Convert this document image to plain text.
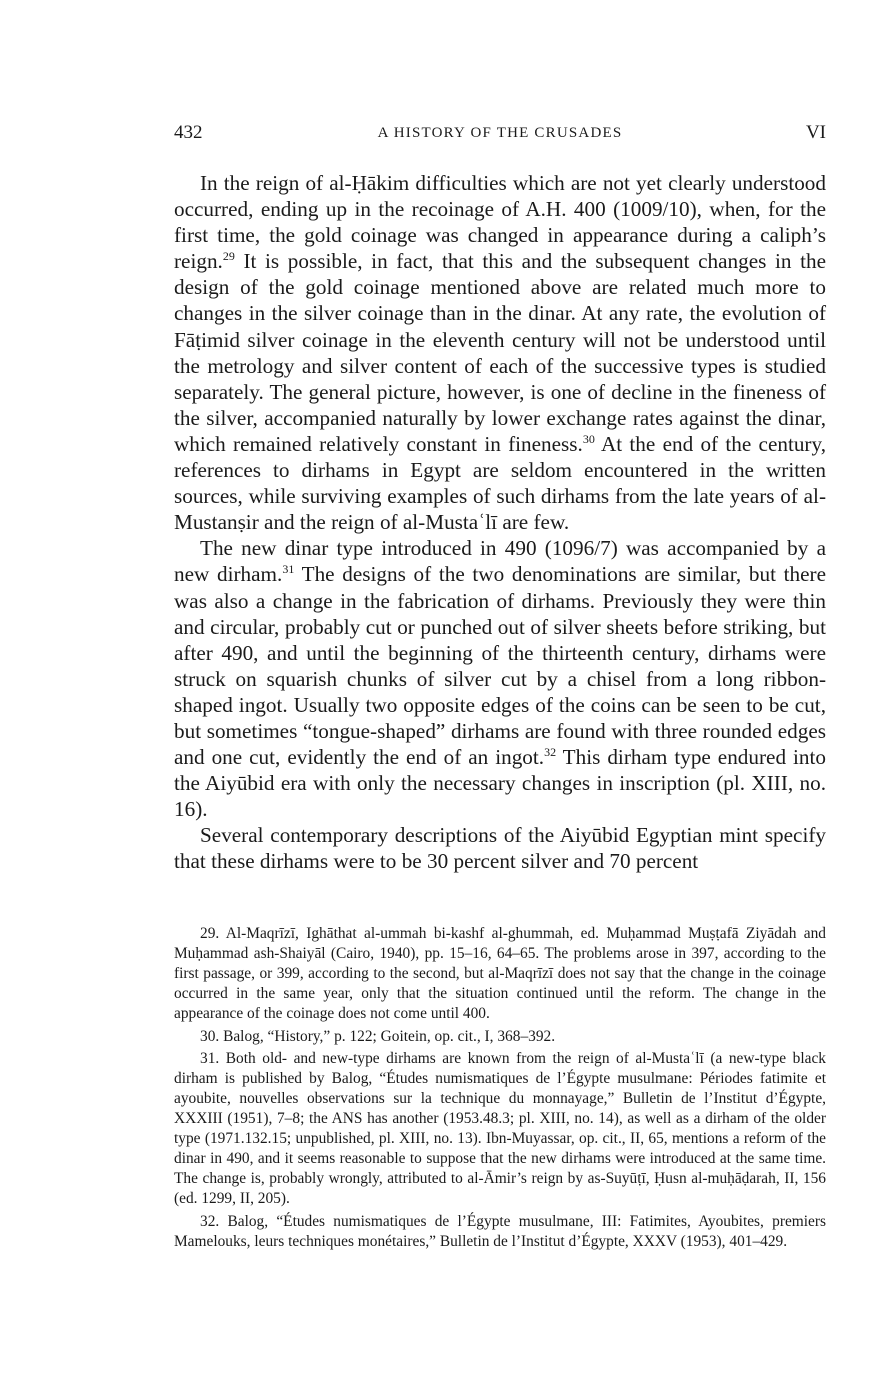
432	A HISTORY OF THE CRUSADES	VI

In the reign of al-Ḥākim difficulties which are not yet clearly understood occurred, ending up in the recoinage of A.H. 400 (1009/10), when, for the first time, the gold coinage was changed in appearance during a caliph’s reign.$^{29}$ It is possible, in fact, that this and the subsequent changes in the design of the gold coinage mentioned above are related much more to changes in the silver coinage than in the dinar. At any rate, the evolution of Fāṭimid silver coinage in the eleventh century will not be understood until the metrology and silver content of each of the successive types is studied separately. The general picture, however, is one of decline in the fineness of the silver, accompanied naturally by lower exchange rates against the dinar, which remained relatively constant in fineness.$^{30}$ At the end of the century, references to dirhams in Egypt are seldom encountered in the written sources, while surviving examples of such dirhams from the late years of al-Mustanṣir and the reign of al-Mustaʿlī are few.

The new dinar type introduced in 490 (1096/7) was accompanied by a new dirham.$^{31}$ The designs of the two denominations are similar, but there was also a change in the fabrication of dirhams. Previously they were thin and circular, probably cut or punched out of silver sheets before striking, but after 490, and until the beginning of the thirteenth century, dirhams were struck on squarish chunks of silver cut by a chisel from a long ribbon-shaped ingot. Usually two opposite edges of the coins can be seen to be cut, but sometimes “tongue-shaped” dirhams are found with three rounded edges and one cut, evidently the end of an ingot.$^{32}$ This dirham type endured into the Aiyūbid era with only the necessary changes in inscription (pl. XIII, no. 16).

Several contemporary descriptions of the Aiyūbid Egyptian mint specify that these dirhams were to be 30 percent silver and 70 percent

29. Al-Maqrīzī, Ighāthat al-ummah bi-kashf al-ghummah, ed. Muḥammad Muṣṭafā Ziyādah and Muḥammad ash-Shaiyāl (Cairo, 1940), pp. 15–16, 64–65. The problems arose in 397, according to the first passage, or 399, according to the second, but al-Maqrīzī does not say that the change in the coinage occurred in the same year, only that the situation continued until the reform. The change in the appearance of the coinage does not come until 400.

30. Balog, “History,” p. 122; Goitein, op. cit., I, 368–392.

31. Both old- and new-type dirhams are known from the reign of al-Mustaʿlī (a new-type black dirham is published by Balog, “Études numismatiques de l’Égypte musulmane: Périodes fatimite et ayoubite, nouvelles observations sur la technique du monnayage,” Bulletin de l’Institut d’Égypte, XXXIII (1951), 7–8; the ANS has another (1953.48.3; pl. XIII, no. 14), as well as a dirham of the older type (1971.132.15; unpublished, pl. XIII, no. 13). Ibn-Muyassar, op. cit., II, 65, mentions a reform of the dinar in 490, and it seems reasonable to suppose that the new dirhams were introduced at the same time. The change is, probably wrongly, attributed to al-Āmir’s reign by as-Suyūṭī, Ḥusn al-muḥāḍarah, II, 156 (ed. 1299, II, 205).

32. Balog, “Études numismatiques de l’Égypte musulmane, III: Fatimites, Ayoubites, premiers Mamelouks, leurs techniques monétaires,” Bulletin de l’Institut d’Égypte, XXXV (1953), 401–429.
